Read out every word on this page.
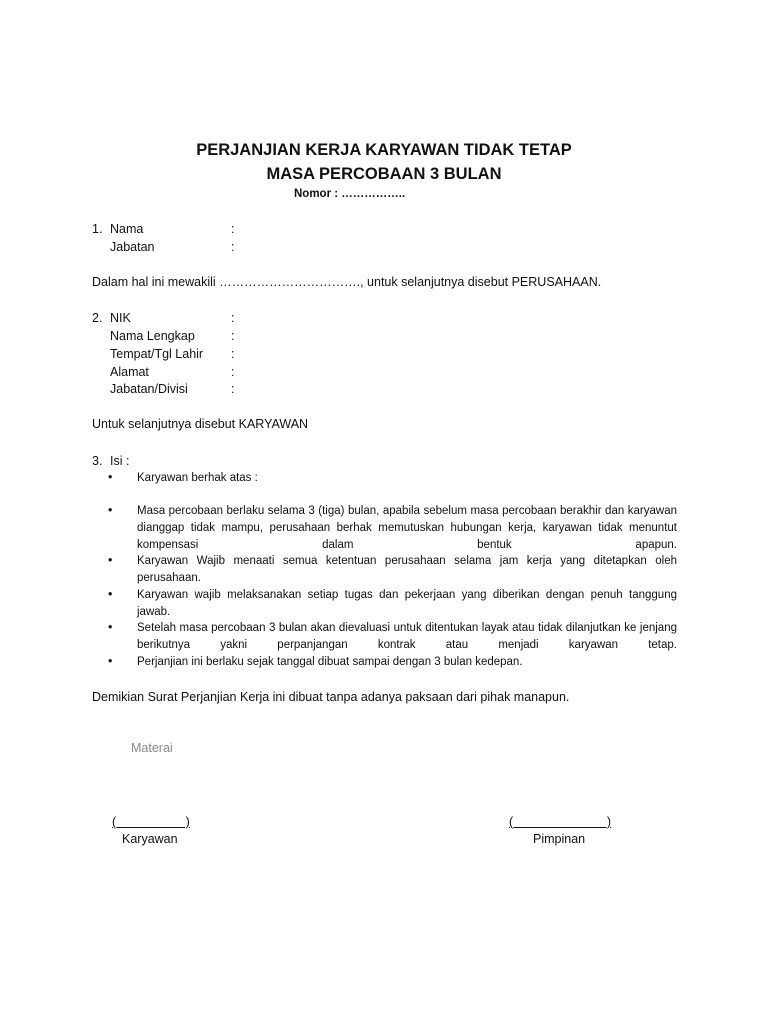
PERJANJIAN KERJA KARYAWAN TIDAK TETAP
MASA PERCOBAAN 3 BULAN
Nomor : ……………..
1. Nama	:
Jabatan	:
Dalam hal ini mewakili ……………………………., untuk selanjutnya disebut PERUSAHAAN.
2. NIK	:
Nama Lengkap	:
Tempat/Tgl Lahir :
Alamat	:
Jabatan/Divisi	:
Untuk selanjutnya disebut KARYAWAN
3. Isi :
• Karyawan berhak atas :
• Masa percobaan berlaku selama 3 (tiga) bulan, apabila sebelum masa percobaan berakhir dan karyawan dianggap tidak mampu, perusahaan berhak memutuskan hubungan kerja, karyawan tidak menuntut kompensasi dalam bentuk apapun.
• Karyawan Wajib menaati semua ketentuan perusahaan selama jam kerja yang ditetapkan oleh perusahaan.
• Karyawan wajib melaksanakan setiap tugas dan pekerjaan yang diberikan dengan penuh tanggung jawab.
• Setelah masa percobaan 3 bulan akan dievaluasi untuk ditentukan layak atau tidak dilanjutkan ke jenjang berikutnya yakni perpanjangan kontrak atau menjadi karyawan tetap.
• Perjanjian ini berlaku sejak tanggal dibuat sampai dengan 3 bulan kedepan.
Demikian Surat Perjanjian Kerja ini dibuat tanpa adanya paksaan dari pihak manapun.
Materai
(                    )
Karyawan
(                           )
Pimpinan
